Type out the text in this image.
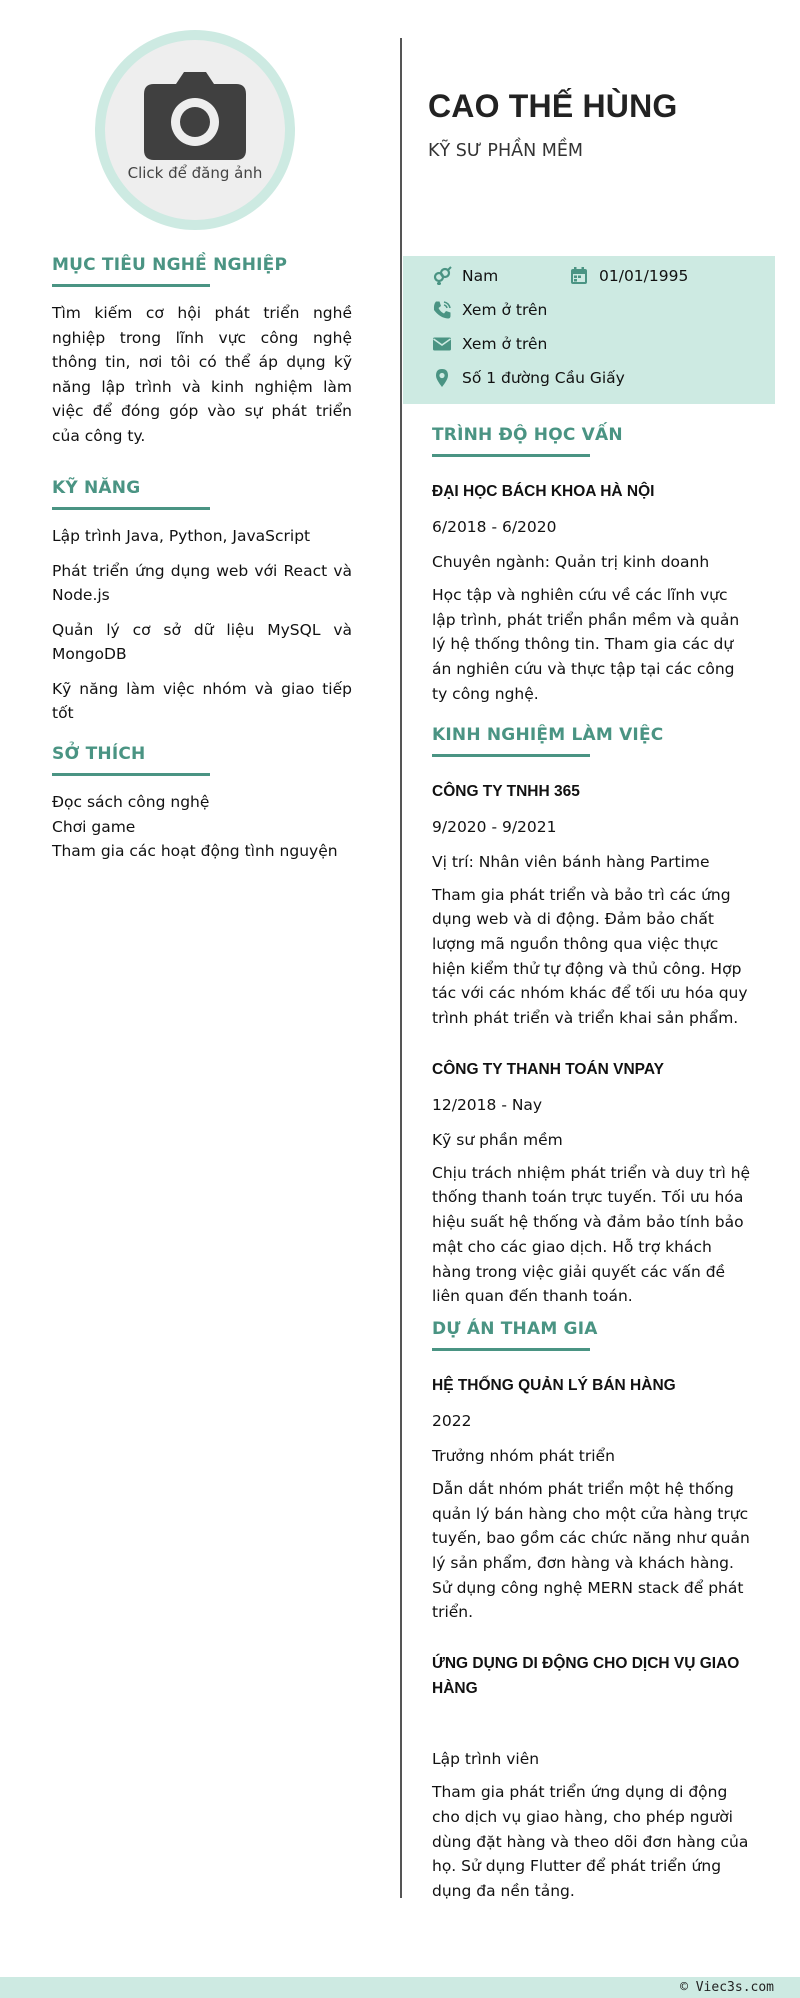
Click để đăng ảnh
CAO THẾ HÙNG
KỸ SƯ PHẦN MỀM
Nam	01/01/1995
Xem ở trên
Xem ở trên
Số 1 đường Cầu Giấy
MỤC TIÊU NGHỀ NGHIỆP
Tìm kiếm cơ hội phát triển nghề nghiệp trong lĩnh vực công nghệ thông tin, nơi tôi có thể áp dụng kỹ năng lập trình và kinh nghiệm làm việc để đóng góp vào sự phát triển của công ty.
KỸ NĂNG
Lập trình Java, Python, JavaScript
Phát triển ứng dụng web với React và Node.js
Quản lý cơ sở dữ liệu MySQL và MongoDB
Kỹ năng làm việc nhóm và giao tiếp tốt
SỞ THÍCH
Đọc sách công nghệ
Chơi game
Tham gia các hoạt động tình nguyện
TRÌNH ĐỘ HỌC VẤN
ĐẠI HỌC BÁCH KHOA HÀ NỘI
6/2018 - 6/2020
Chuyên ngành: Quản trị kinh doanh
Học tập và nghiên cứu về các lĩnh vực lập trình, phát triển phần mềm và quản lý hệ thống thông tin. Tham gia các dự án nghiên cứu và thực tập tại các công ty công nghệ.
KINH NGHIỆM LÀM VIỆC
CÔNG TY TNHH 365
9/2020 - 9/2021
Vị trí: Nhân viên bánh hàng Partime
Tham gia phát triển và bảo trì các ứng dụng web và di động. Đảm bảo chất lượng mã nguồn thông qua việc thực hiện kiểm thử tự động và thủ công. Hợp tác với các nhóm khác để tối ưu hóa quy trình phát triển và triển khai sản phẩm.
CÔNG TY THANH TOÁN VNPAY
12/2018 - Nay
Kỹ sư phần mềm
Chịu trách nhiệm phát triển và duy trì hệ thống thanh toán trực tuyến. Tối ưu hóa hiệu suất hệ thống và đảm bảo tính bảo mật cho các giao dịch. Hỗ trợ khách hàng trong việc giải quyết các vấn đề liên quan đến thanh toán.
DỰ ÁN THAM GIA
HỆ THỐNG QUẢN LÝ BÁN HÀNG
2022
Trưởng nhóm phát triển
Dẫn dắt nhóm phát triển một hệ thống quản lý bán hàng cho một cửa hàng trực tuyến, bao gồm các chức năng như quản lý sản phẩm, đơn hàng và khách hàng. Sử dụng công nghệ MERN stack để phát triển.
ỨNG DỤNG DI ĐỘNG CHO DỊCH VỤ GIAO HÀNG
Lập trình viên
Tham gia phát triển ứng dụng di động cho dịch vụ giao hàng, cho phép người dùng đặt hàng và theo dõi đơn hàng của họ. Sử dụng Flutter để phát triển ứng dụng đa nền tảng.
© Viec3s.com
